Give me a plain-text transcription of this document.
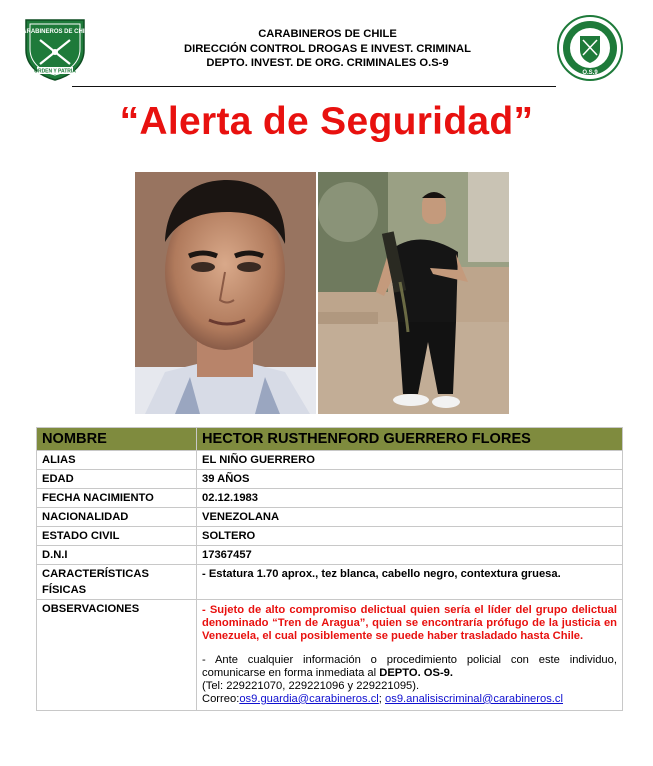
CARABINEROS DE CHILE
ORDEN Y PATRIA
CARABINEROS DE CHILE
DIRECCIÓN CONTROL DROGAS E INVEST. CRIMINAL
DEPTO. INVEST. DE ORG. CRIMINALES O.S-9
O.S.9
“Alerta de Seguridad”
NOMBRE	HECTOR RUSTHENFORD GUERRERO FLORES
ALIAS	EL NIÑO GUERRERO
EDAD	39 AÑOS
FECHA NACIMIENTO	02.12.1983
NACIONALIDAD	VENEZOLANA
ESTADO CIVIL	SOLTERO
D.N.I	17367457

CARACTERÍSTICAS
FÍSICAS	- Estatura 1.70 aprox., tez blanca, cabello negro, contextura gruesa.
OBSERVACIONES	- Sujeto de alto compromiso delictual quien sería el líder del grupo delictual denominado “Tren de Aragua”, quien se encontraría prófugo de la justicia en Venezuela, el cual posiblemente se puede haber trasladado hasta Chile.

- Ante cualquier información o procedimiento policial con este individuo, comunicarse en forma inmediata al DEPTO. OS-9.

(Tel: 229221070, 229221096 y 229221095).

Correo:os9.guardia@carabineros.cl; os9.analisiscriminal@carabineros.cl
